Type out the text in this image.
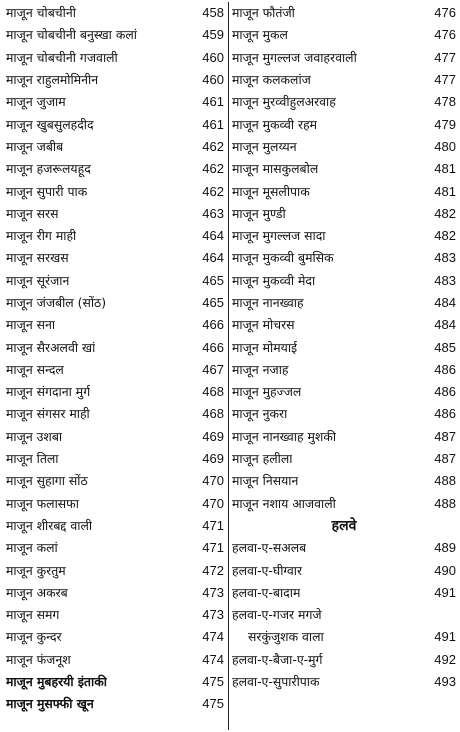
माजून चोबचीनी	458
माजून चोबचीनी बनुस्खा कलां	459
माजून चोबचीनी गजवाली	460
माजून राहुलमोमिनीन	460
माजून जुजाम	461
माजून खुबसुलहदीद	461
माजून जबीब	462
माजून हजरूलयहूद	462
माजून सुपारी पाक	462
माजून सरस	463
माजून रीग माही	464
माजून सरखस	464
माजून सूरंजान	465
माजून जंजबील (सोंठ)	465
माजून सना	466
माजून सैरअलवी खां	466
माजून सन्दल	467
माजून संगदाना मुर्ग	468
माजून संगसर माही	468
माजून उशबा	469
माजून तिला	469
माजून सुहागा सोंठ	470
माजून फलासफा	470
माजून शीरबद्द वाली	471
माजून कलां	471
माजून कुरतुम	472
माजून अकरब	473
माजून समग	473
माजून कुन्दर	474
माजून फंजनूश	474
माजून मुबहरयी इंताकी	475
माजून मुसफ्फी खून	475
माजून फौतंजी	476
माजून मुकल	476
माजून मुगल्लज जवाहरवाली	477
माजून कलकलांज	477
माजून मुरव्वीहुलअरवाह	478
माजून मुकव्वी रहम	479
माजून मुलय्यन	480
माजून मासकुलबोल	481
माजून मूसलीपाक	481
माजून मुण्डी	482
माजून मुगल्लज सादा	482
माजून मुकव्वी बुमसिक	483
माजून मुकव्वी मेदा	483
माजून नानख्वाह	484
माजून मोचरस	484
माजून मोमयाई	485
माजून नजाह	486
माजून मुहज्जल	486
माजून नुकरा	486
माजून नानख्वाह मुशकी	487
माजून हलीला	487
माजून निसयान	488
माजून नशाय आजवाली	488
हलवे
हलवा-ए-सअलब	489
हलवा-ए-घीग्वार	490
हलवा-ए-बादाम	491
हलवा-ए-गजर मगजे
सरकुंजुशक वाला	491
हलवा-ए-बैजा-ए-मुर्ग	492
हलवा-ए-सुपारीपाक	493
